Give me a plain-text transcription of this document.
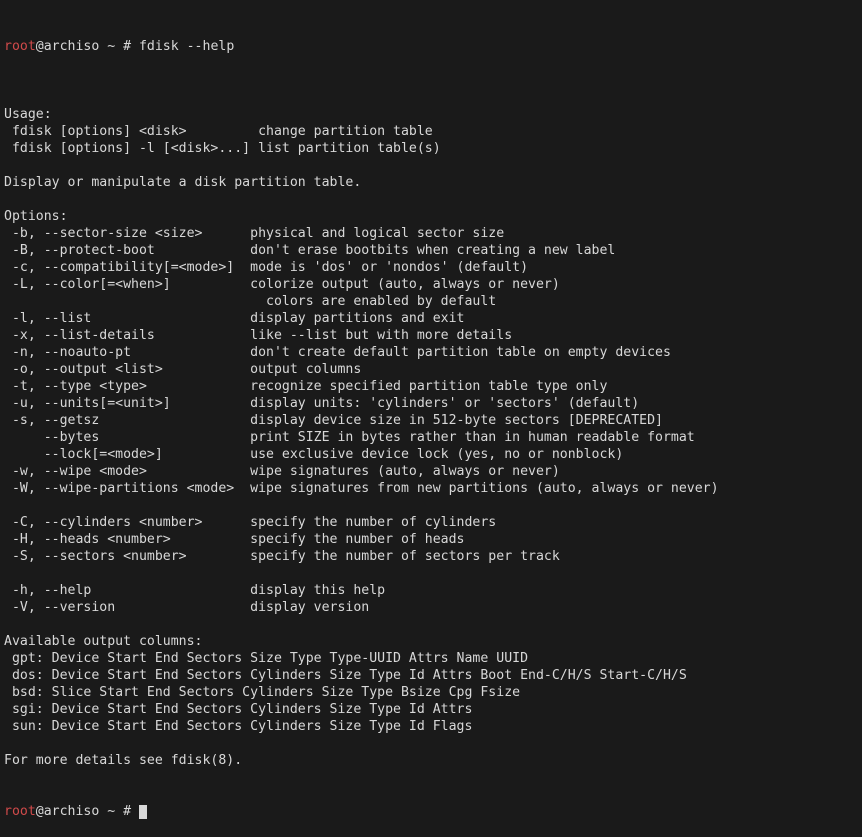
root@archiso ~ # fdisk --help

Usage:
fdisk [options] <disk>         change partition table
fdisk [options] -l [<disk>...] list partition table(s)

Display or manipulate a disk partition table.

Options:
-b, --sector-size <size>      physical and logical sector size
-B, --protect-boot            don't erase bootbits when creating a new label
-c, --compatibility[=<mode>]  mode is 'dos' or 'nondos' (default)
-L, --color[=<when>]          colorize output (auto, always or never)
colors are enabled by default
-l, --list                    display partitions and exit
-x, --list-details            like --list but with more details
-n, --noauto-pt               don't create default partition table on empty devices
-o, --output <list>           output columns
-t, --type <type>             recognize specified partition table type only
-u, --units[=<unit>]          display units: 'cylinders' or 'sectors' (default)
-s, --getsz                   display device size in 512-byte sectors [DEPRECATED]
--bytes                   print SIZE in bytes rather than in human readable format
--lock[=<mode>]           use exclusive device lock (yes, no or nonblock)
-w, --wipe <mode>             wipe signatures (auto, always or never)
-W, --wipe-partitions <mode>  wipe signatures from new partitions (auto, always or never)

-C, --cylinders <number>      specify the number of cylinders
-H, --heads <number>          specify the number of heads
-S, --sectors <number>        specify the number of sectors per track

-h, --help                    display this help
-V, --version                 display version

Available output columns:
gpt: Device Start End Sectors Size Type Type-UUID Attrs Name UUID
dos: Device Start End Sectors Cylinders Size Type Id Attrs Boot End-C/H/S Start-C/H/S
bsd: Slice Start End Sectors Cylinders Size Type Bsize Cpg Fsize
sgi: Device Start End Sectors Cylinders Size Type Id Attrs
sun: Device Start End Sectors Cylinders Size Type Id Flags

For more details see fdisk(8).

root@archiso ~ #
